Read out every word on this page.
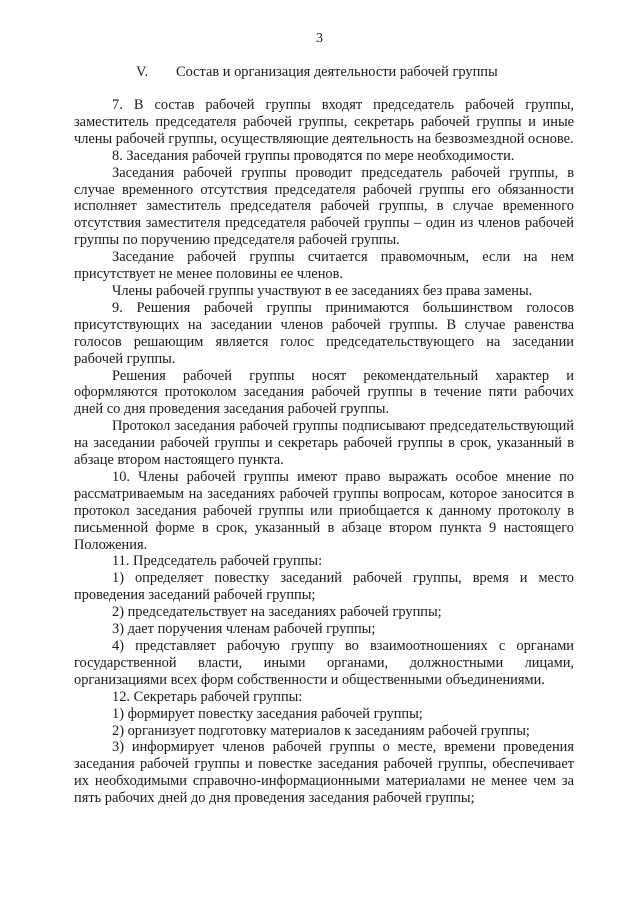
3
V. Состав и организация деятельности рабочей группы

7. В состав рабочей группы входят председатель рабочей группы, заместитель председателя рабочей группы, секретарь рабочей группы и иные члены рабочей группы, осуществляющие деятельность на безвозмездной основе.

8. Заседания рабочей группы проводятся по мере необходимости.

Заседания рабочей группы проводит председатель рабочей группы, в случае временного отсутствия председателя рабочей группы его обязанности исполняет заместитель председателя рабочей группы, в случае временного отсутствия заместителя председателя рабочей группы – один из членов рабочей группы по поручению председателя рабочей группы.

Заседание рабочей группы считается правомочным, если на нем присутствует не менее половины ее членов.

Члены рабочей группы участвуют в ее заседаниях без права замены.

9. Решения рабочей группы принимаются большинством голосов присутствующих на заседании членов рабочей группы. В случае равенства голосов решающим является голос председательствующего на заседании рабочей группы.

Решения рабочей группы носят рекомендательный характер и оформляются протоколом заседания рабочей группы в течение пяти рабочих дней со дня проведения заседания рабочей группы.

Протокол заседания рабочей группы подписывают председательствующий на заседании рабочей группы и секретарь рабочей группы в срок, указанный в абзаце втором настоящего пункта.

10. Члены рабочей группы имеют право выражать особое мнение по рассматриваемым на заседаниях рабочей группы вопросам, которое заносится в протокол заседания рабочей группы или приобщается к данному протоколу в письменной форме в срок, указанный в абзаце втором пункта 9 настоящего Положения.

11. Председатель рабочей группы:

1) определяет повестку заседаний рабочей группы, время и место проведения заседаний рабочей группы;

2) председательствует на заседаниях рабочей группы;

3) дает поручения членам рабочей группы;

4) представляет рабочую группу во взаимоотношениях с органами государственной власти, иными органами, должностными лицами, организациями всех форм собственности и общественными объединениями.

12. Секретарь рабочей группы:

1) формирует повестку заседания рабочей группы;

2) организует подготовку материалов к заседаниям рабочей группы;

3) информирует членов рабочей группы о месте, времени проведения заседания рабочей группы и повестке заседания рабочей группы, обеспечивает их необходимыми справочно-информационными материалами не менее чем за пять рабочих дней до дня проведения заседания рабочей группы;
